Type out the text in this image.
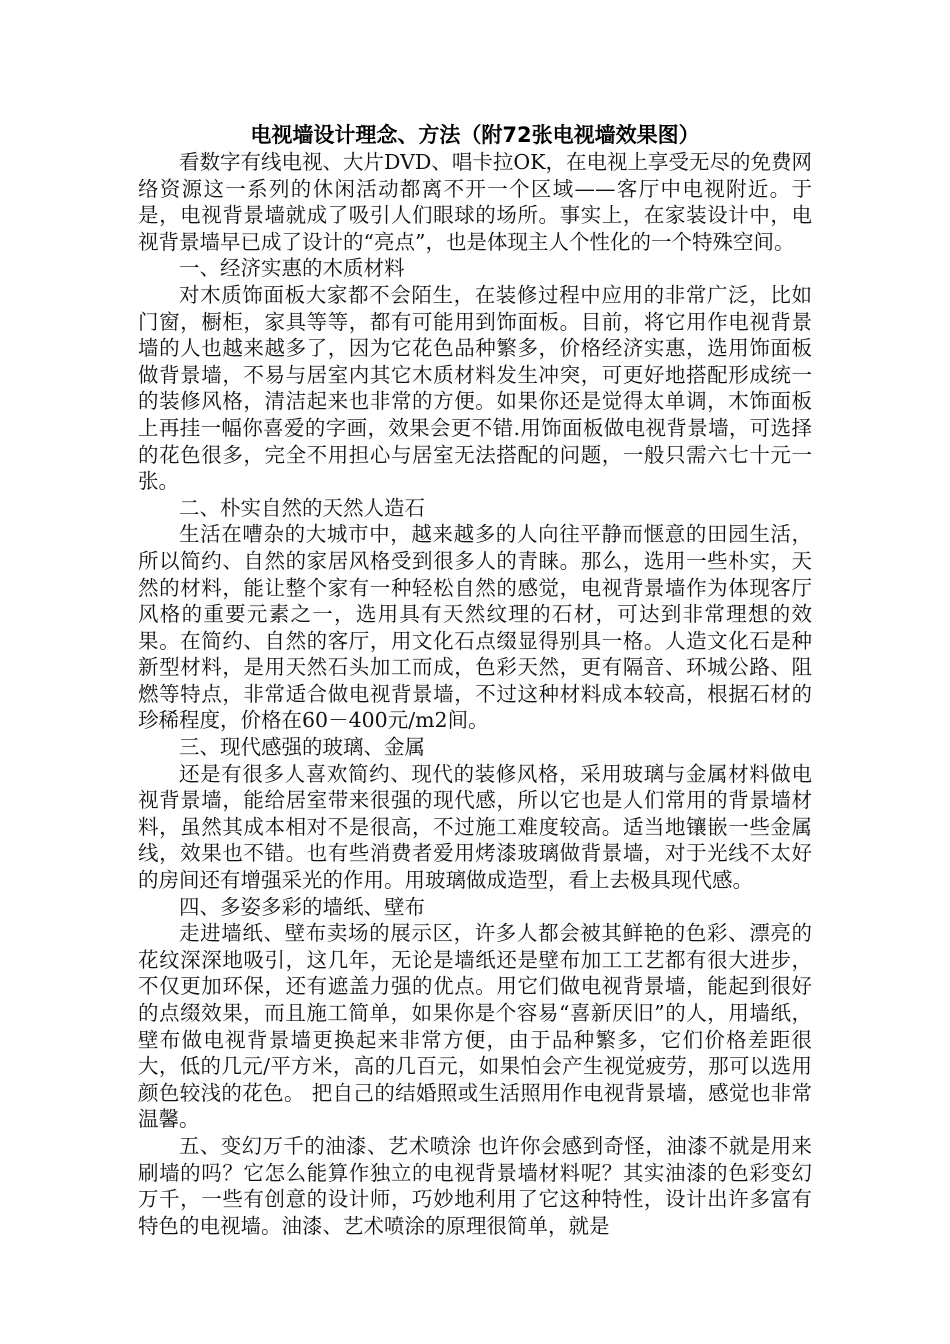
电视墙设计理念、方法（附72张电视墙效果图）

看数字有线电视、大片DVD、唱卡拉OK，在电视上享受无尽的免费网络资源这一系列的休闲活动都离不开一个区域——客厅中电视附近。于是，电视背景墙就成了吸引人们眼球的场所。事实上，在家装设计中，电视背景墙早已成了设计的“亮点”，也是体现主人个性化的一个特殊空间。

一、经济实惠的木质材料

对木质饰面板大家都不会陌生，在装修过程中应用的非常广泛，比如门窗，橱柜，家具等等，都有可能用到饰面板。目前，将它用作电视背景墙的人也越来越多了，因为它花色品种繁多，价格经济实惠，选用饰面板做背景墙，不易与居室内其它木质材料发生冲突，可更好地搭配形成统一的装修风格，清洁起来也非常的方便。如果你还是觉得太单调，木饰面板上再挂一幅你喜爱的字画，效果会更不错.用饰面板做电视背景墙，可选择的花色很多，完全不用担心与居室无法搭配的问题，一般只需六七十元一张。

二、朴实自然的天然人造石

生活在嘈杂的大城市中，越来越多的人向往平静而惬意的田园生活，所以简约、自然的家居风格受到很多人的青睐。那么，选用一些朴实，天然的材料，能让整个家有一种轻松自然的感觉，电视背景墙作为体现客厅风格的重要元素之一，选用具有天然纹理的石材，可达到非常理想的效果。在简约、自然的客厅，用文化石点缀显得别具一格。人造文化石是种新型材料，是用天然石头加工而成，色彩天然，更有隔音、环城公路、阻燃等特点，非常适合做电视背景墙，不过这种材料成本较高，根据石材的珍稀程度，价格在60－400元/m2间。

三、现代感强的玻璃、金属

还是有很多人喜欢简约、现代的装修风格，采用玻璃与金属材料做电视背景墙，能给居室带来很强的现代感，所以它也是人们常用的背景墙材料，虽然其成本相对不是很高，不过施工难度较高。适当地镶嵌一些金属线，效果也不错。也有些消费者爱用烤漆玻璃做背景墙，对于光线不太好的房间还有增强采光的作用。用玻璃做成造型，看上去极具现代感。

四、多姿多彩的墙纸、壁布

走进墙纸、壁布卖场的展示区，许多人都会被其鲜艳的色彩、漂亮的花纹深深地吸引，这几年，无论是墙纸还是壁布加工工艺都有很大进步，不仅更加环保，还有遮盖力强的优点。用它们做电视背景墙，能起到很好的点缀效果，而且施工简单，如果你是个容易“喜新厌旧”的人，用墙纸，壁布做电视背景墙更换起来非常方便，由于品种繁多，它们价格差距很大，低的几元/平方米，高的几百元，如果怕会产生视觉疲劳，那可以选用颜色较浅的花色。 把自己的结婚照或生活照用作电视背景墙，感觉也非常温馨。

五、变幻万千的油漆、艺术喷涂 也许你会感到奇怪，油漆不就是用来刷墙的吗？它怎么能算作独立的电视背景墙材料呢？其实油漆的色彩变幻万千，一些有创意的设计师，巧妙地利用了它这种特性，设计出许多富有特色的电视墙。油漆、艺术喷涂的原理很简单，就是
